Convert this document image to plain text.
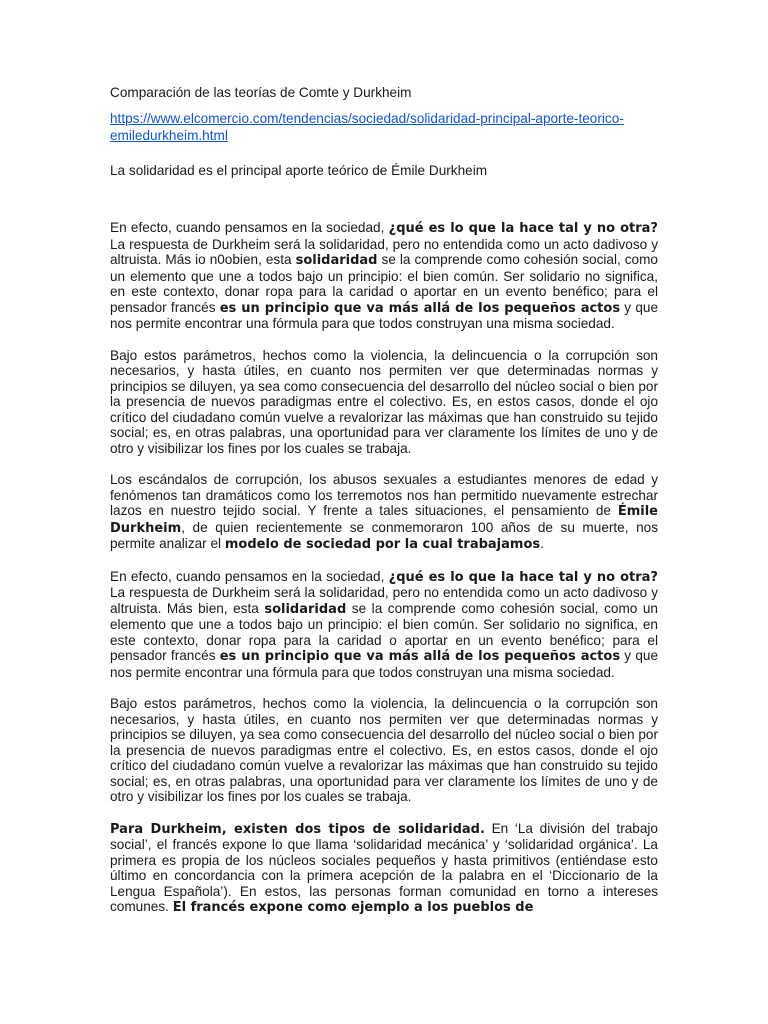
Comparación de las teorías de Comte y Durkheim
https://www.elcomercio.com/tendencias/sociedad/solidaridad-principal-aporte-teorico-emiledurkheim.html

La solidaridad es el principal aporte teórico de Émile Durkheim

En efecto, cuando pensamos en la sociedad, ¿qué es lo que la hace tal y no otra? La respuesta de Durkheim será la solidaridad, pero no entendida como un acto dadivoso y altruista. Más io n0obien, esta solidaridad se la comprende como cohesión social, como un elemento que une a todos bajo un principio: el bien común. Ser solidario no significa, en este contexto, donar ropa para la caridad o aportar en un evento benéfico; para el pensador francés es un principio que va más allá de los pequeños actos y que nos permite encontrar una fórmula para que todos construyan una misma sociedad.

Bajo estos parámetros, hechos como la violencia, la delincuencia o la corrupción son necesarios, y hasta útiles, en cuanto nos permiten ver que determinadas normas y principios se diluyen, ya sea como consecuencia del desarrollo del núcleo social o bien por la presencia de nuevos paradigmas entre el colectivo. Es, en estos casos, donde el ojo crítico del ciudadano común vuelve a revalorizar las máximas que han construido su tejido social; es, en otras palabras, una oportunidad para ver claramente los límites de uno y de otro y visibilizar los fines por los cuales se trabaja.

Los escándalos de corrupción, los abusos sexuales a estudiantes menores de edad y fenómenos tan dramáticos como los terremotos nos han permitido nuevamente estrechar lazos en nuestro tejido social. Y frente a tales situaciones, el pensamiento de Émile Durkheim, de quien recientemente se conmemoraron 100 años de su muerte, nos permite analizar el modelo de sociedad por la cual trabajamos.

En efecto, cuando pensamos en la sociedad, ¿qué es lo que la hace tal y no otra? La respuesta de Durkheim será la solidaridad, pero no entendida como un acto dadivoso y altruista. Más bien, esta solidaridad se la comprende como cohesión social, como un elemento que une a todos bajo un principio: el bien común. Ser solidario no significa, en este contexto, donar ropa para la caridad o aportar en un evento benéfico; para el pensador francés es un principio que va más allá de los pequeños actos y que nos permite encontrar una fórmula para que todos construyan una misma sociedad.

Bajo estos parámetros, hechos como la violencia, la delincuencia o la corrupción son necesarios, y hasta útiles, en cuanto nos permiten ver que determinadas normas y principios se diluyen, ya sea como consecuencia del desarrollo del núcleo social o bien por la presencia de nuevos paradigmas entre el colectivo. Es, en estos casos, donde el ojo crítico del ciudadano común vuelve a revalorizar las máximas que han construido su tejido social; es, en otras palabras, una oportunidad para ver claramente los límites de uno y de otro y visibilizar los fines por los cuales se trabaja.

Para Durkheim, existen dos tipos de solidaridad. En ‘La división del trabajo social’, el francés expone lo que llama ‘solidaridad mecánica’ y ‘solidaridad orgánica’. La primera es propia de los núcleos sociales pequeños y hasta primitivos (entiéndase esto último en concordancia con la primera acepción de la palabra en el ‘Diccionario de la Lengua Española’). En estos, las personas forman comunidad en torno a intereses comunes. El francés expone como ejemplo a los pueblos de
